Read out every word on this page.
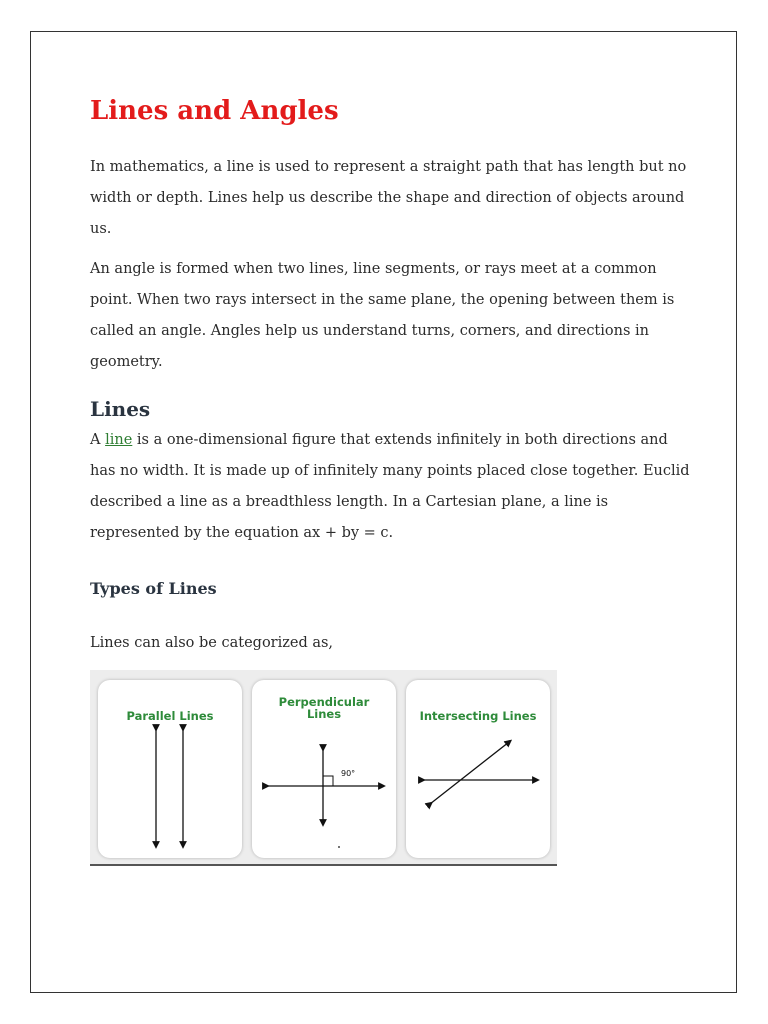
Lines and Angles

In mathematics, a line is used to represent a straight path that has length but no width or depth. Lines help us describe the shape and direction of objects around us.

An angle is formed when two lines, line segments, or rays meet at a common point. When two rays intersect in the same plane, the opening between them is called an angle. Angles help us understand turns, corners, and directions in geometry.

Lines

A line is a one-dimensional figure that extends infinitely in both directions and has no width. It is made up of infinitely many points placed close together. Euclid described a line as a breadthless length. In a Cartesian plane, a line is represented by the equation ax + by = c.

Types of Lines

Lines can also be categorized as,

Parallel Lines
Perpendicular Lines
90°
Intersecting Lines
